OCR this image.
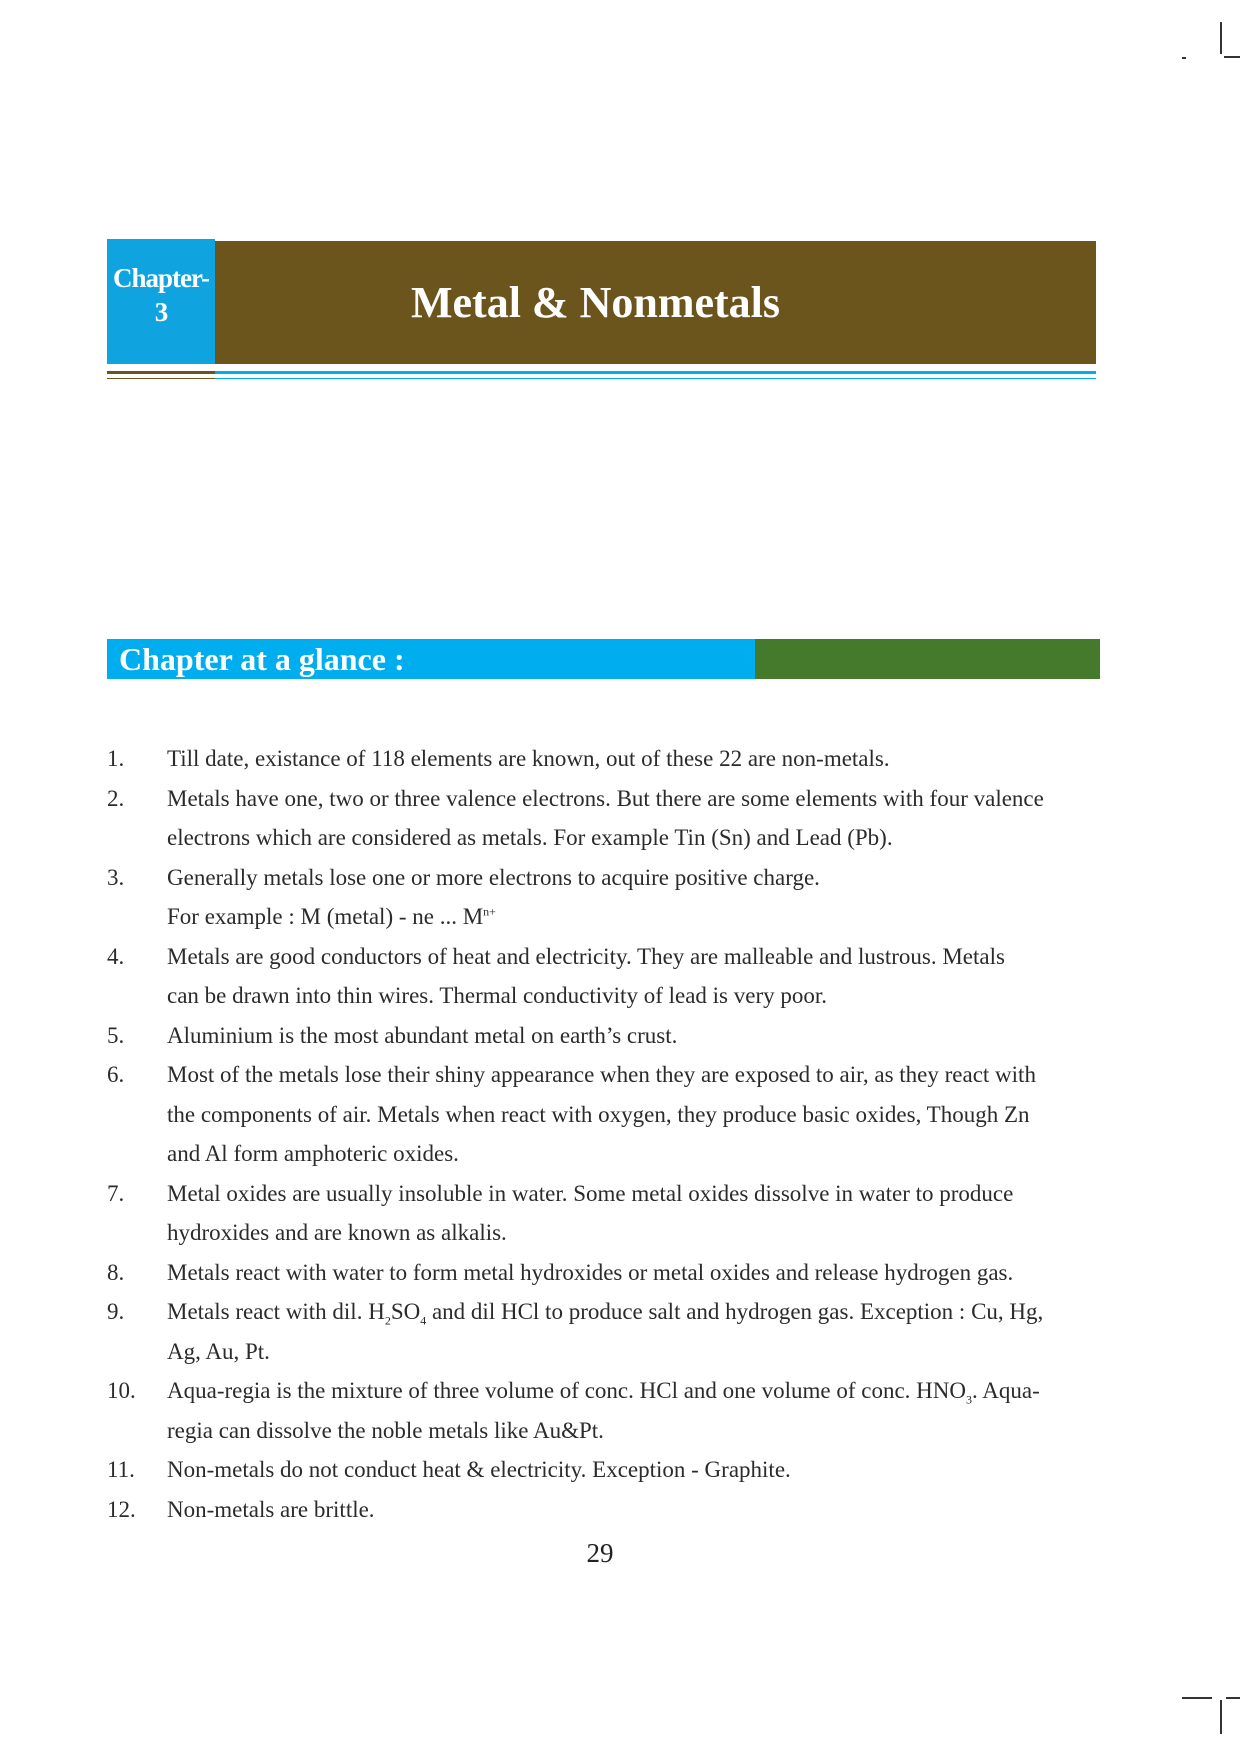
Chapter-
3	Metal & Nonmetals
Chapter at a glance :
1.	Till date, existance of 118 elements are known, out of these 22 are non-metals.
2.	Metals have one, two or three valence electrons. But there are some elements with four valence
electrons which are considered as metals. For example Tin (Sn) and Lead (Pb).
3.	Generally metals lose one or more electrons to acquire positive charge.
For example : M (metal) - ne ... $M^{n+}$
4.	Metals are good conductors of heat and electricity. They are malleable and lustrous. Metals
can be drawn into thin wires. Thermal conductivity of lead is very poor.
5.	Aluminium is the most abundant metal on earth’s crust.
6.	Most of the metals lose their shiny appearance when they are exposed to air, as they react with
the components of air. Metals when react with oxygen, they produce basic oxides, Though Zn
and Al form amphoteric oxides.
7.	Metal oxides are usually insoluble in water. Some metal oxides dissolve in water to produce
hydroxides and are known as alkalis.
8.	Metals react with water to form metal hydroxides or metal oxides and release hydrogen gas.
9.	Metals react with dil. $H_2SO_4$ and dil HCl to produce salt and hydrogen gas. Exception : Cu, Hg,
Ag, Au, Pt.
10.	Aqua-regia is the mixture of three volume of conc. HCl and one volume of conc. $HNO_3$. Aqua-
regia can dissolve the noble metals like Au&Pt.
11.	Non-metals do not conduct heat & electricity. Exception - Graphite.
12.	Non-metals are brittle.
29
